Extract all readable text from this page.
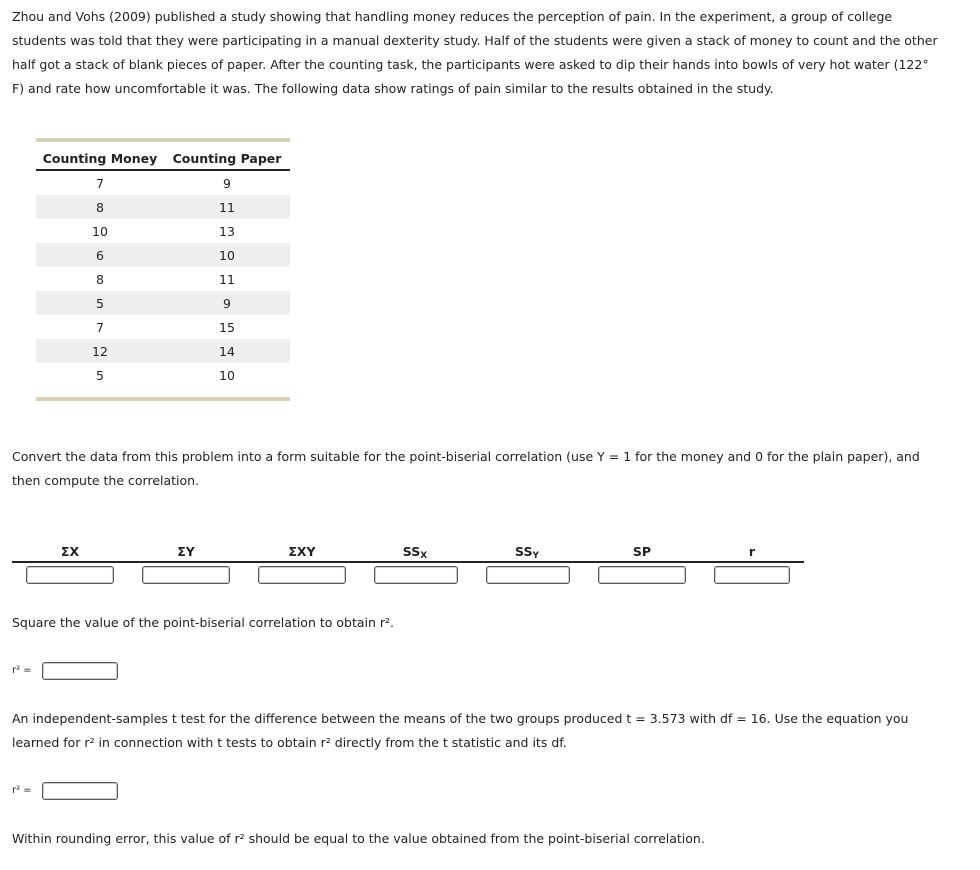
Zhou and Vohs (2009) published a study showing that handling money reduces the perception of pain. In the experiment, a group of college students was told that they were participating in a manual dexterity study. Half of the students were given a stack of money to count and the other half got a stack of blank pieces of paper. After the counting task, the participants were asked to dip their hands into bowls of very hot water (122° F) and rate how uncomfortable it was. The following data show ratings of pain similar to the results obtained in the study.

Counting Money	Counting Paper
7	9
8	11
10	13
6	10
8	11
5	9
7	15
12	14
5	10

Convert the data from this problem into a form suitable for the point-biserial correlation (use Y = 1 for the money and 0 for the plain paper), and then compute the correlation.

ΣX	ΣY	ΣXY	$SS_X$	$SS_Y$	SP	r

Square the value of the point-biserial correlation to obtain r².

r² =

An independent-samples t test for the difference between the means of the two groups produced t = 3.573 with df = 16. Use the equation you learned for r² in connection with t tests to obtain r² directly from the t statistic and its df.

r² =

Within rounding error, this value of r² should be equal to the value obtained from the point-biserial correlation.
